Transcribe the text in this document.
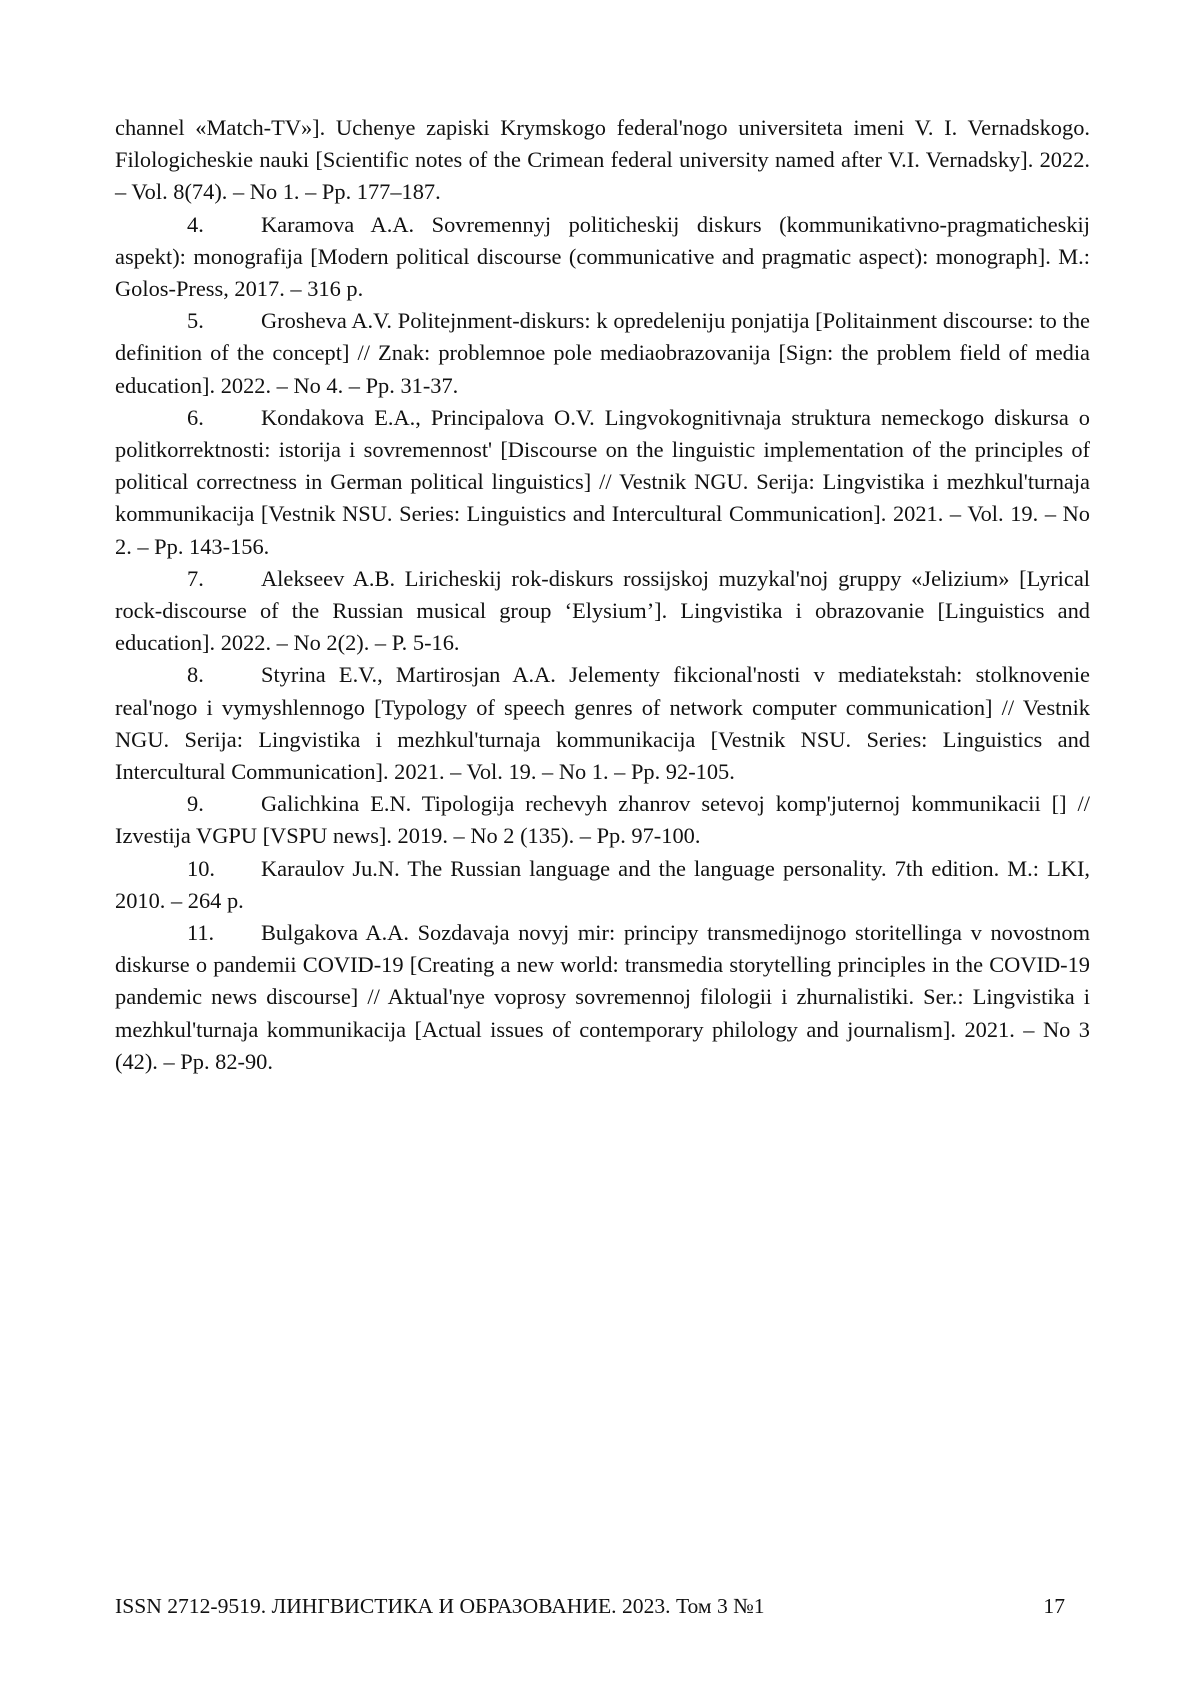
channel «Match-TV»]. Uchenye zapiski Krymskogo federal'nogo universiteta imeni V. I. Vernadskogo. Filologicheskie nauki [Scientific notes of the Crimean federal university named after V.I. Vernadsky]. 2022. – Vol. 8(74). – No 1. – Pp. 177–187.

4.	Karamova A.A. Sovremennyj politicheskij diskurs (kommunikativno-pragmaticheskij aspekt): monografija [Modern political discourse (communicative and pragmatic aspect): monograph]. M.: Golos-Press, 2017. – 316 p.

5.	Grosheva A.V. Politejnment-diskurs: k opredeleniju ponjatija [Politainment discourse: to the definition of the concept] // Znak: problemnoe pole mediaobrazovanija [Sign: the problem field of media education]. 2022. – No 4. – Pp. 31-37.

6.	Kondakova E.A., Principalova O.V. Lingvokognitivnaja struktura nemeckogo diskursa o politkorrektnosti: istorija i sovremennost' [Discourse on the linguistic implementation of the principles of political correctness in German political linguistics] // Vestnik NGU. Serija: Lingvistika i mezhkul'turnaja kommunikacija [Vestnik NSU. Series: Linguistics and Intercultural Communication]. 2021. – Vol. 19. – No 2. – Pp. 143-156.

7.	Alekseev A.B. Liricheskij rok-diskurs rossijskoj muzykal'noj gruppy «Jelizium» [Lyrical rock-discourse of the Russian musical group ‘Elysium’]. Lingvistika i obrazovanie [Linguistics and education]. 2022. – No 2(2). – P. 5-16.

8.	Styrina E.V., Martirosjan A.A. Jelementy fikcional'nosti v mediatekstah: stolknovenie real'nogo i vymyshlennogo [Typology of speech genres of network computer communication] // Vestnik NGU. Serija: Lingvistika i mezhkul'turnaja kommunikacija [Vestnik NSU. Series: Linguistics and Intercultural Communication]. 2021. – Vol. 19. – No 1. – Pp. 92-105.

9.	Galichkina E.N. Tipologija rechevyh zhanrov setevoj komp'juternoj kommunikacii [] // Izvestija VGPU [VSPU news]. 2019. – No 2 (135). – Pp. 97-100.

10. Karaulov Ju.N. The Russian language and the language personality. 7th edition. M.: LKI, 2010. – 264 p.

11. Bulgakova A.A. Sozdavaja novyj mir: principy transmedijnogo storitellinga v novostnom diskurse o pandemii COVID-19 [Creating a new world: transmedia storytelling principles in the COVID-19 pandemic news discourse] // Aktual'nye voprosy sovremennoj filologii i zhurnalistiki. Ser.: Lingvistika i mezhkul'turnaja kommunikacija [Actual issues of contemporary philology and journalism]. 2021. – No 3 (42). – Pp. 82-90.

ISSN 2712-9519. ЛИНГВИСТИКА И ОБРАЗОВАНИЕ. 2023. Том 3 №1	17
